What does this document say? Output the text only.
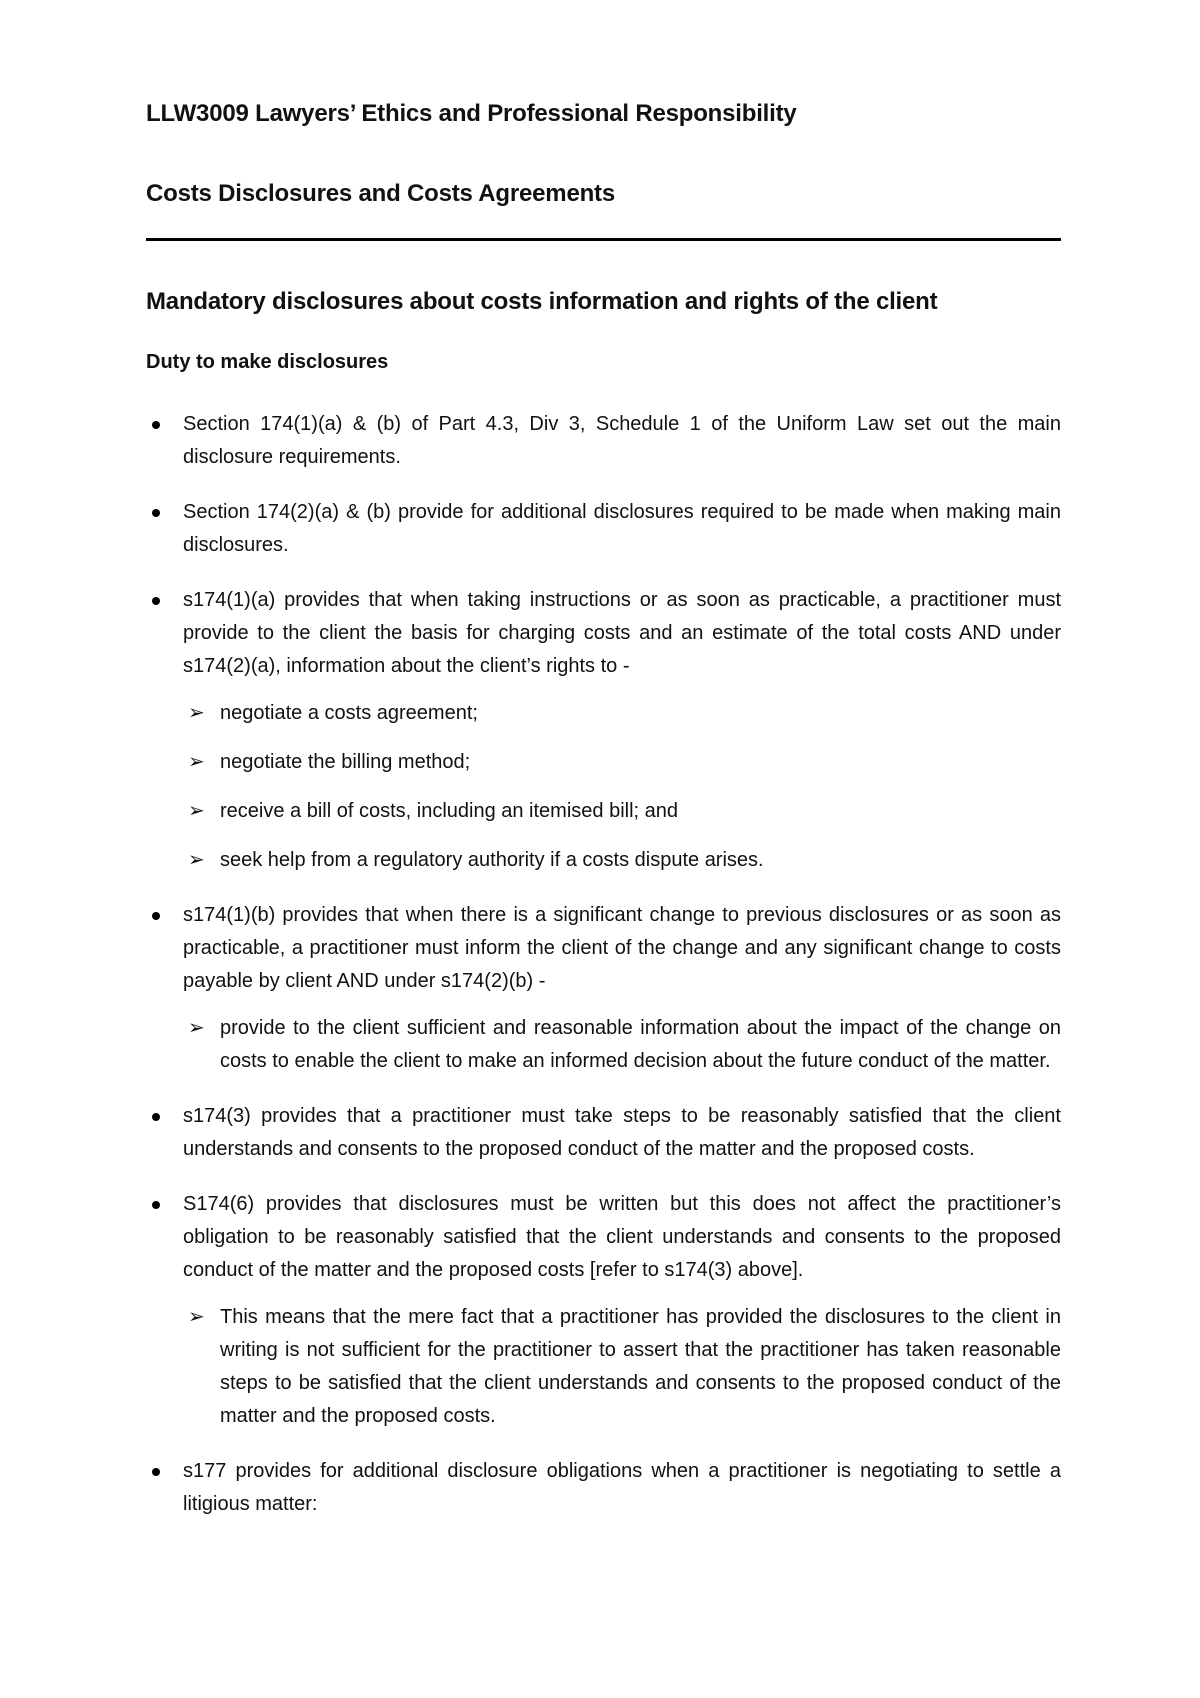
LLW3009 Lawyers’ Ethics and Professional Responsibility
Costs Disclosures and Costs Agreements
Mandatory disclosures about costs information and rights of the client
Duty to make disclosures
Section 174(1)(a) & (b) of Part 4.3, Div 3, Schedule 1 of the Uniform Law set out the main disclosure requirements.
Section 174(2)(a) & (b) provide for additional disclosures required to be made when making main disclosures.
s174(1)(a) provides that when taking instructions or as soon as practicable, a practitioner must provide to the client the basis for charging costs and an estimate of the total costs AND under s174(2)(a), information about the client’s rights to -
➢ negotiate a costs agreement;
➢ negotiate the billing method;
➢ receive a bill of costs, including an itemised bill; and
➢ seek help from a regulatory authority if a costs dispute arises.
s174(1)(b) provides that when there is a significant change to previous disclosures or as soon as practicable, a practitioner must inform the client of the change and any significant change to costs payable by client AND under s174(2)(b) -
➢ provide to the client sufficient and reasonable information about the impact of the change on costs to enable the client to make an informed decision about the future conduct of the matter.
s174(3) provides that a practitioner must take steps to be reasonably satisfied that the client understands and consents to the proposed conduct of the matter and the proposed costs.
S174(6) provides that disclosures must be written but this does not affect the practitioner’s obligation to be reasonably satisfied that the client understands and consents to the proposed conduct of the matter and the proposed costs [refer to s174(3) above].
➢ This means that the mere fact that a practitioner has provided the disclosures to the client in writing is not sufficient for the practitioner to assert that the practitioner has taken reasonable steps to be satisfied that the client understands and consents to the proposed conduct of the matter and the proposed costs.
s177 provides for additional disclosure obligations when a practitioner is negotiating to settle a litigious matter:
